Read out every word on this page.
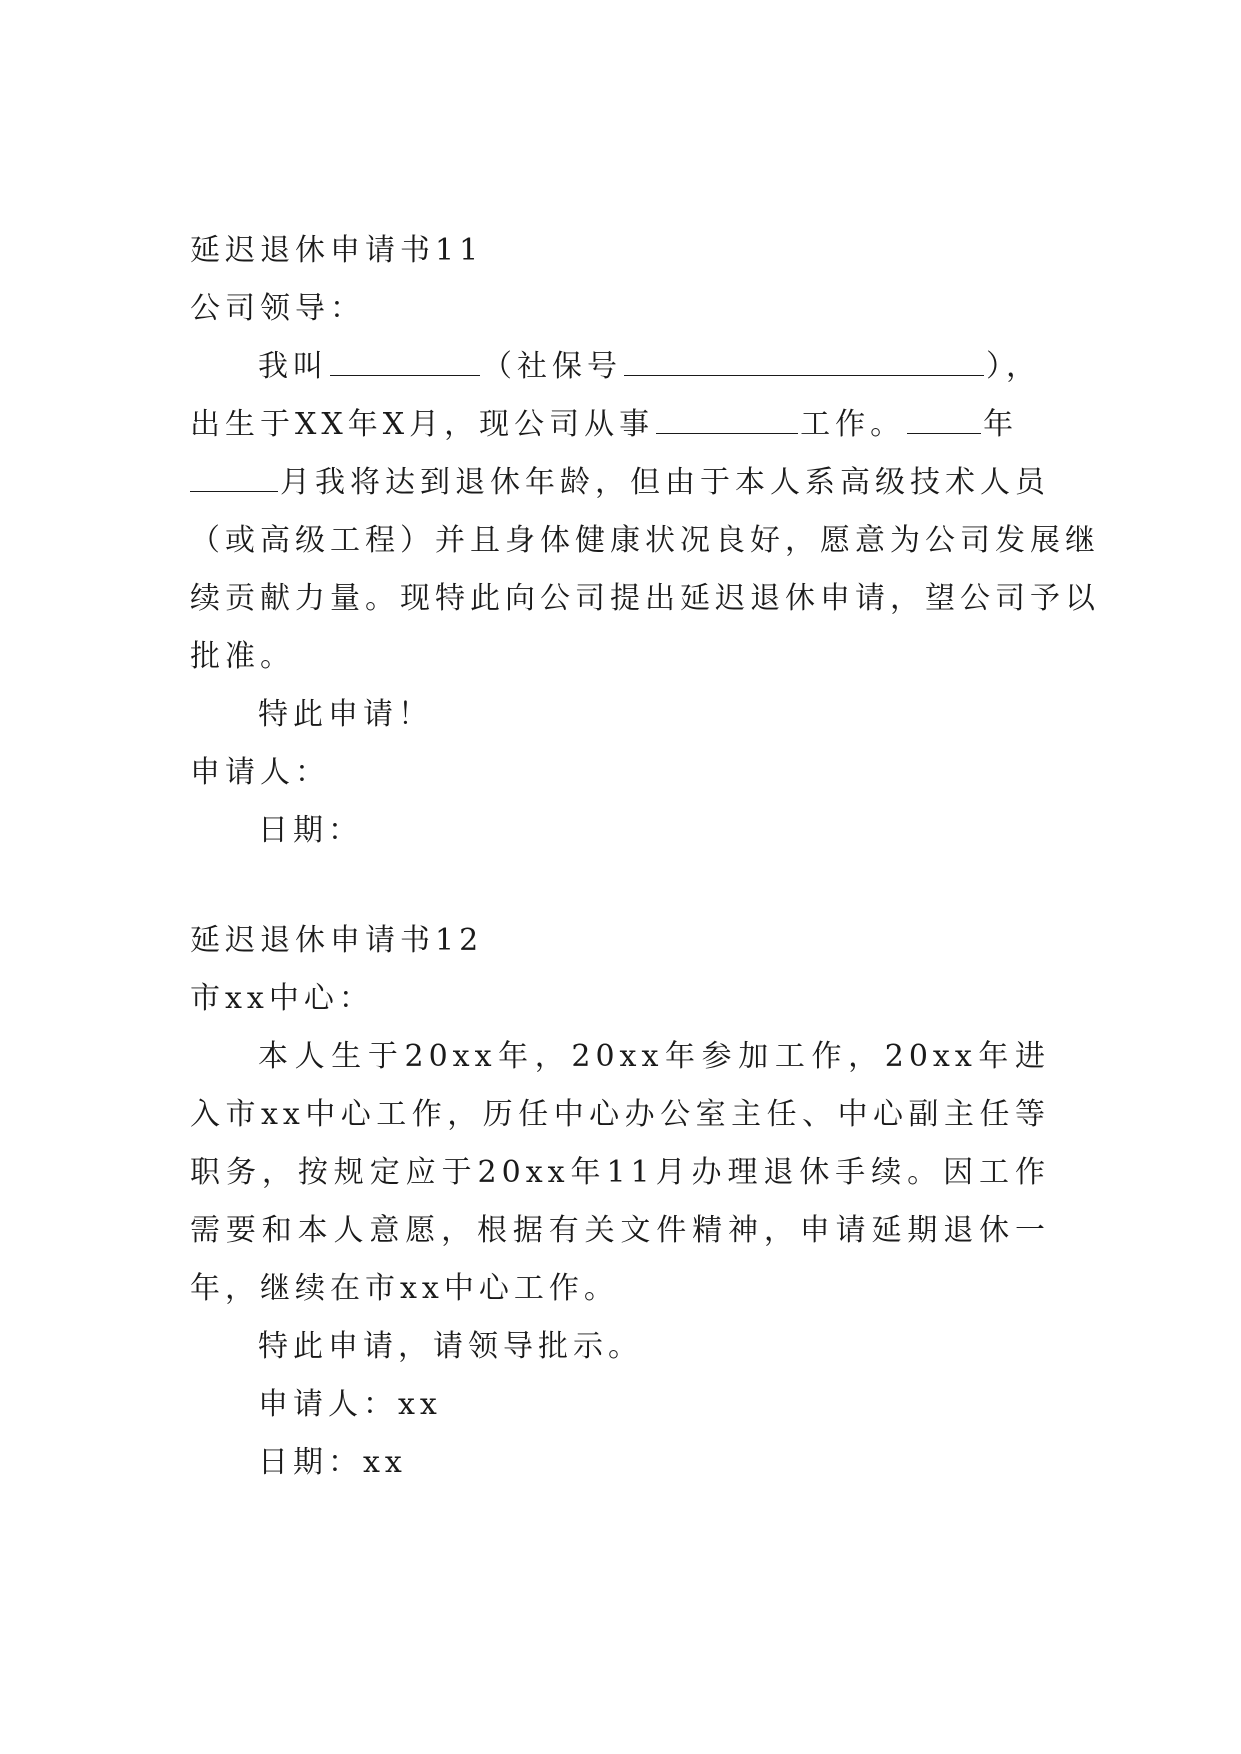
延迟退休申请书11
公司领导：
我叫	（社保号	），
出生于XX年X月，现公司从事	工作。	年
月我将达到退休年龄，但由于本人系高级技术人员
（或高级工程）并且身体健康状况良好，愿意为公司发展继
续贡献力量。现特此向公司提出延迟退休申请，望公司予以
批准。
特此申请！
申请人：
日期：
延迟退休申请书12
市xx中心：
本人生于20xx年，20xx年参加工作，20xx年进入市xx中心工作，历任中心办公室主任、中心副主任等职务，按规定应于20xx年11月办理退休手续。因工作需要和本人意愿，根据有关文件精神，申请延期退休一年，继续在市xx中心工作。
特此申请，请领导批示。
申请人：xx
日期：xx
